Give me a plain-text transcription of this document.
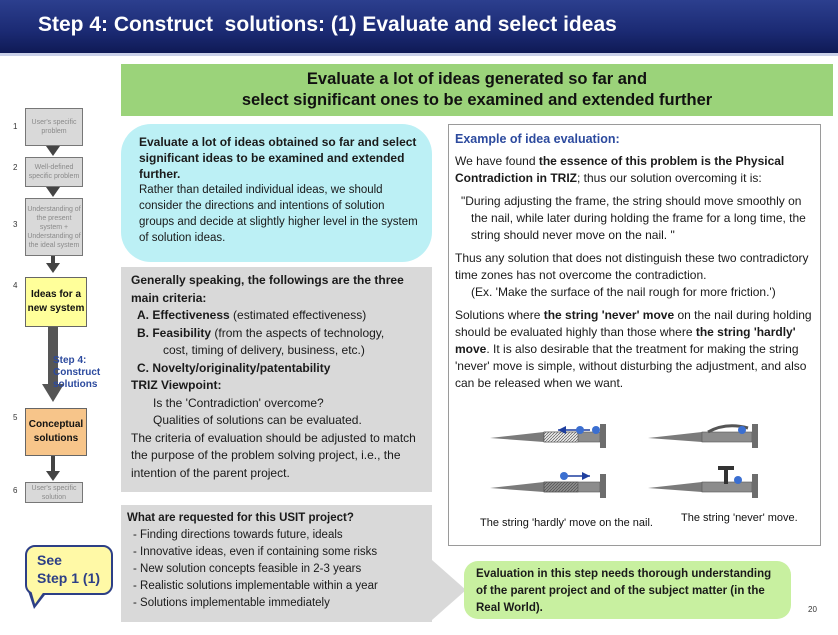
Step 4: Construct  solutions: (1) Evaluate and select ideas
Evaluate a lot of ideas generated so far and
select significant ones to be examined and extended further
1	User's specific problem
2	Well-defined specific problem
3
Understanding of the present system + Understanding of the ideal system
4
Ideas for a new system
Step 4: Construct solutions
5
Conceptual solutions
6	User's specific solution
See
Step 1 (1)
Evaluate a lot of ideas obtained so far and select significant ideas to be examined and extended further.
Rather than detailed individual ideas, we should consider the directions and intentions of solution groups and decide at slightly higher level in the system of solution ideas.
Generally speaking, the followings are the three main criteria:
A. Effectiveness (estimated effectiveness)
B. Feasibility (from the aspects of technology,
cost, timing of delivery, business, etc.)
C. Novelty/originality/patentability
TRIZ Viewpoint:
Is the 'Contradiction' overcome?
Qualities of solutions can be evaluated.
The criteria of evaluation should be adjusted to match the purpose of the problem solving project, i.e., the intention of the parent project.
What are requested for this USIT project?
- Finding directions towards future, ideals
- Innovative ideas, even if containing some risks
- New solution concepts feasible in 2-3 years
- Realistic solutions implementable within a year
- Solutions implementable immediately
Example of idea evaluation:

We have found the essence of this problem is the Physical Contradiction in TRIZ; thus our solution overcoming it is:

"During adjusting the frame, the string should move smoothly on the nail, while later during holding the frame for a long time, the string should never move on the nail. "

Thus any solution that does not distinguish these two contradictory time zones has not overcome the contradiction.

(Ex. 'Make the surface of the nail rough for more friction.')

Solutions where the string 'never' move on the nail during holding should be evaluated highly than those where the string 'hardly' move. It is also desirable that the treatment for making the string 'never' move is simple, without disturbing the adjustment, and also can be released when we want.

The string 'hardly' move on the nail.	The string 'never' move.
Evaluation in this step needs thorough understanding of the parent project and of the subject matter (in the Real World).	20
